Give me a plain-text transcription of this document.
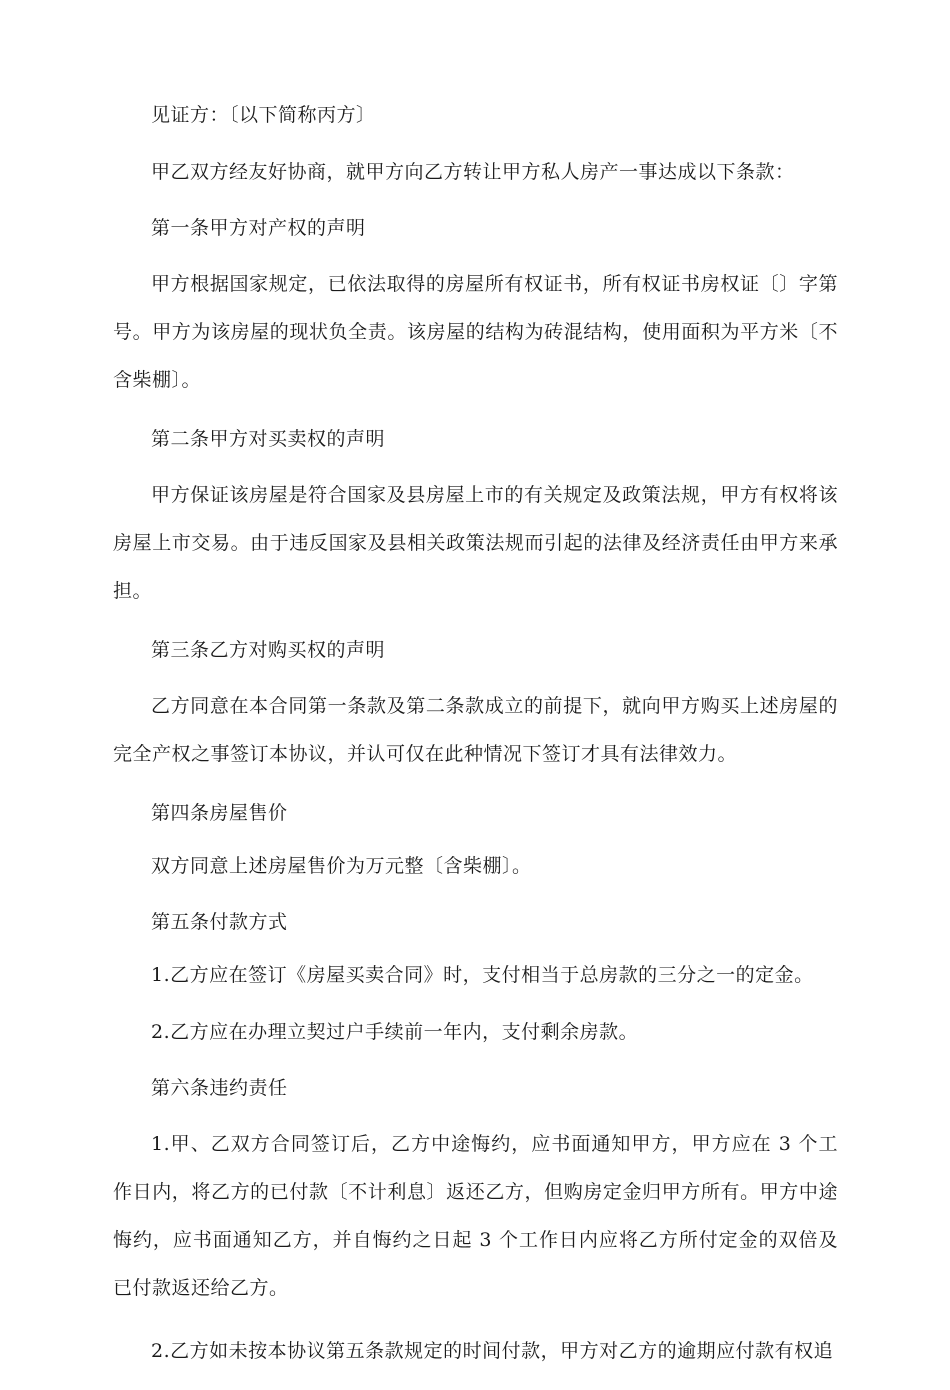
见证方：〔以下简称丙方〕

甲乙双方经友好协商，就甲方向乙方转让甲方私人房产一事达成以下条款：

第一条甲方对产权的声明

甲方根据国家规定，已依法取得的房屋所有权证书，所有权证书房权证〔〕字第号。甲方为该房屋的现状负全责。该房屋的结构为砖混结构，使用面积为平方米〔不含柴棚〕。

第二条甲方对买卖权的声明

甲方保证该房屋是符合国家及县房屋上市的有关规定及政策法规，甲方有权将该房屋上市交易。由于违反国家及县相关政策法规而引起的法律及经济责任由甲方来承担。

第三条乙方对购买权的声明

乙方同意在本合同第一条款及第二条款成立的前提下，就向甲方购买上述房屋的完全产权之事签订本协议，并认可仅在此种情况下签订才具有法律效力。

第四条房屋售价

双方同意上述房屋售价为万元整〔含柴棚〕。

第五条付款方式

1.乙方应在签订《房屋买卖合同》时，支付相当于总房款的三分之一的定金。

2.乙方应在办理立契过户手续前一年内，支付剩余房款。

第六条违约责任

1.甲、乙双方合同签订后，乙方中途悔约，应书面通知甲方，甲方应在 3 个工作日内，将乙方的已付款〔不计利息〕返还乙方，但购房定金归甲方所有。甲方中途悔约，应书面通知乙方，并自悔约之日起 3 个工作日内应将乙方所付定金的双倍及已付款返还给乙方。

2.乙方如未按本协议第五条款规定的时间付款，甲方对乙方的逾期应付款有权追
